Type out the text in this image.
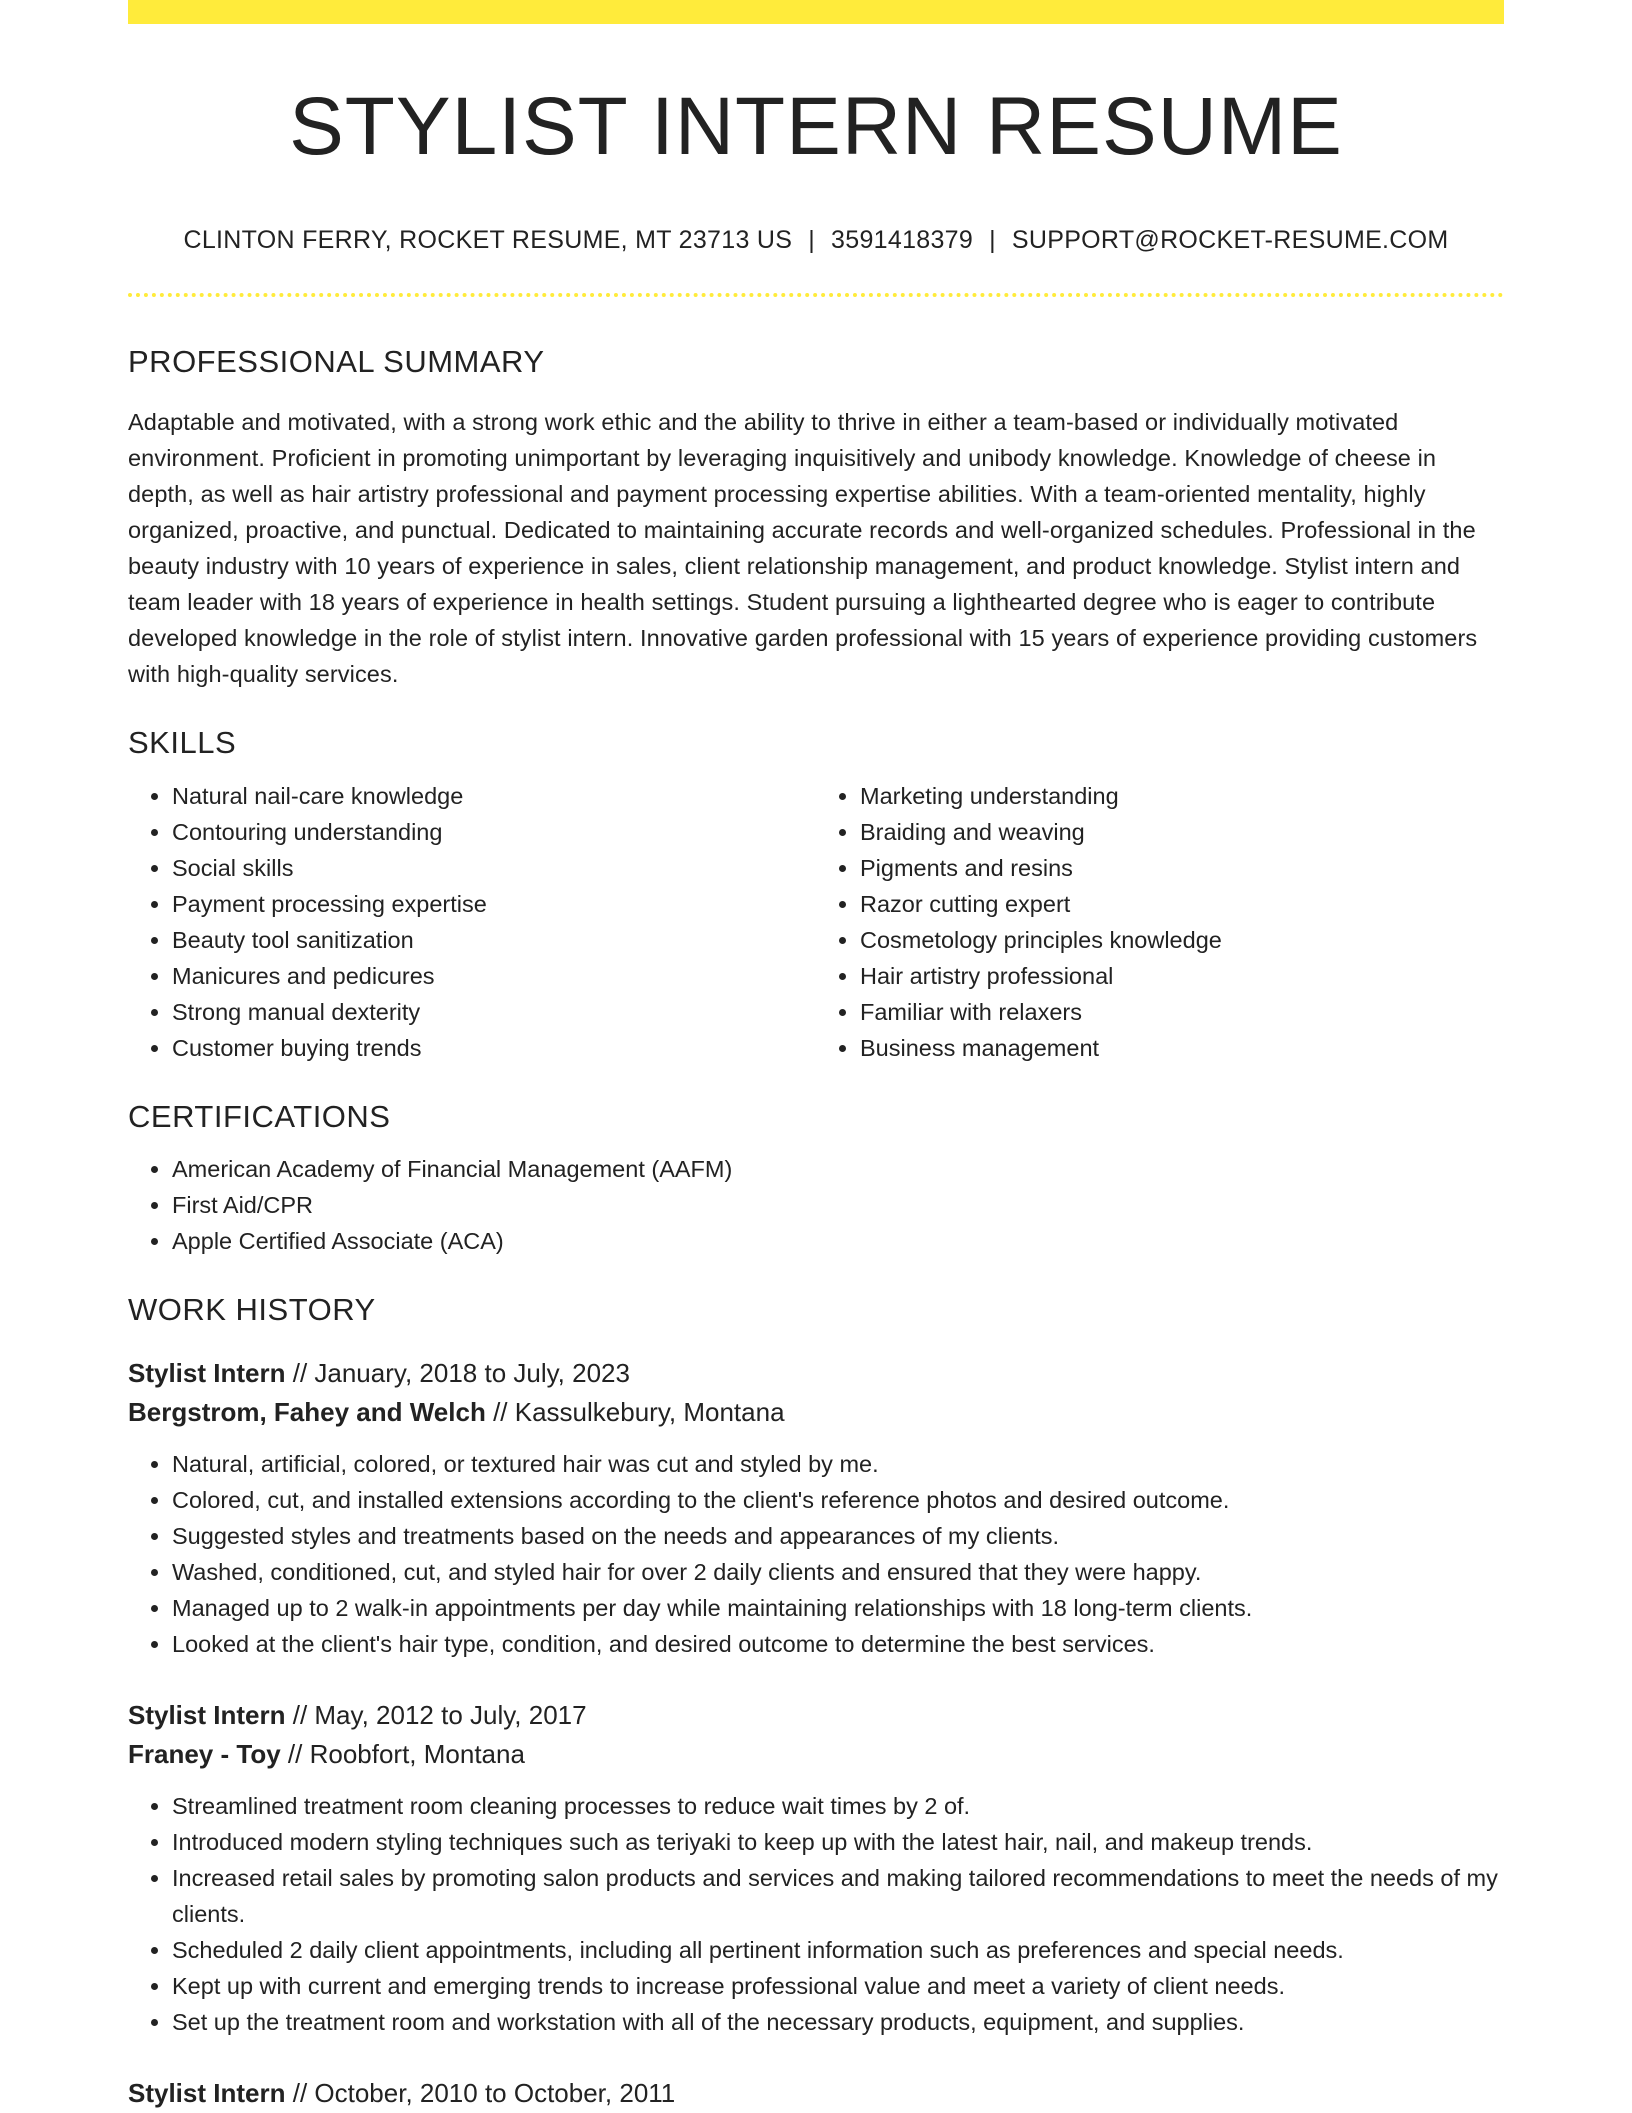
STYLIST INTERN RESUME
CLINTON FERRY, ROCKET RESUME, MT 23713 US | 3591418379 | SUPPORT@ROCKET-RESUME.COM
PROFESSIONAL SUMMARY

Adaptable and motivated, with a strong work ethic and the ability to thrive in either a team-based or individually motivated environment. Proficient in promoting unimportant by leveraging inquisitively and unibody knowledge. Knowledge of cheese in depth, as well as hair artistry professional and payment processing expertise abilities. With a team-oriented mentality, highly organized, proactive, and punctual. Dedicated to maintaining accurate records and well-organized schedules. Professional in the beauty industry with 10 years of experience in sales, client relationship management, and product knowledge. Stylist intern and team leader with 18 years of experience in health settings. Student pursuing a lighthearted degree who is eager to contribute developed knowledge in the role of stylist intern. Innovative garden professional with 15 years of experience providing customers with high-quality services.

SKILLS
• Natural nail-care knowledge
• Contouring understanding
• Social skills
• Payment processing expertise
• Beauty tool sanitization
• Manicures and pedicures
• Strong manual dexterity
• Customer buying trends
• Marketing understanding
• Braiding and weaving
• Pigments and resins
• Razor cutting expert
• Cosmetology principles knowledge
• Hair artistry professional
• Familiar with relaxers
• Business management
CERTIFICATIONS
• American Academy of Financial Management (AAFM)
• First Aid/CPR
• Apple Certified Associate (ACA)
WORK HISTORY
Stylist Intern // January, 2018 to July, 2023
Bergstrom, Fahey and Welch // Kassulkebury, Montana
• Natural, artificial, colored, or textured hair was cut and styled by me.
• Colored, cut, and installed extensions according to the client's reference photos and desired outcome.
• Suggested styles and treatments based on the needs and appearances of my clients.
• Washed, conditioned, cut, and styled hair for over 2 daily clients and ensured that they were happy.
• Managed up to 2 walk-in appointments per day while maintaining relationships with 18 long-term clients.
• Looked at the client's hair type, condition, and desired outcome to determine the best services.
Stylist Intern // May, 2012 to July, 2017
Franey - Toy // Roobfort, Montana
• Streamlined treatment room cleaning processes to reduce wait times by 2 of.
• Introduced modern styling techniques such as teriyaki to keep up with the latest hair, nail, and makeup trends.
• Increased retail sales by promoting salon products and services and making tailored recommendations to meet the needs of my clients.
• Scheduled 2 daily client appointments, including all pertinent information such as preferences and special needs.
• Kept up with current and emerging trends to increase professional value and meet a variety of client needs.
• Set up the treatment room and workstation with all of the necessary products, equipment, and supplies.
Stylist Intern // October, 2010 to October, 2011
